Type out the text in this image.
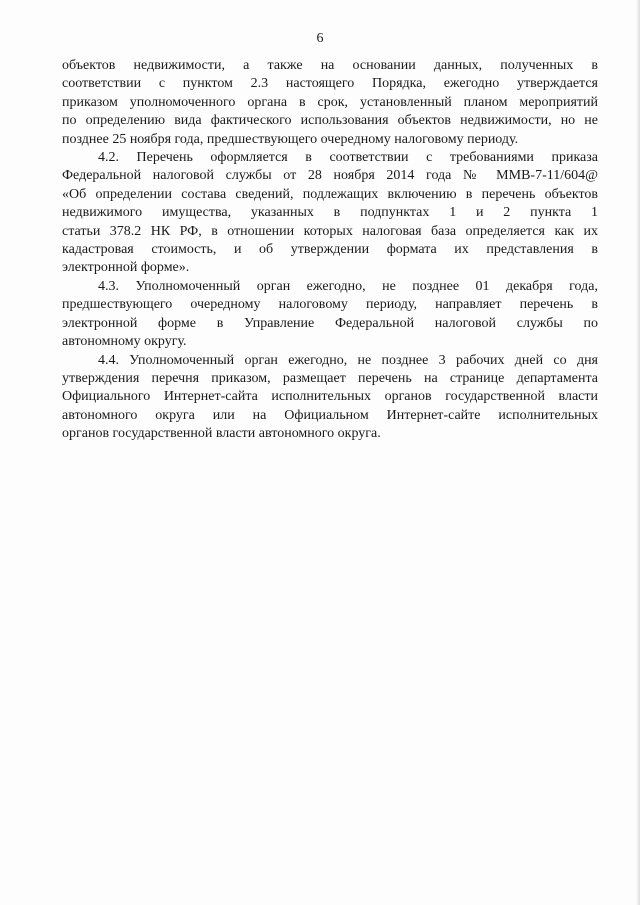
6

объектов недвижимости, а также на основании данных, полученных в
соответствии с пунктом 2.3 настоящего Порядка, ежегодно утверждается
приказом уполномоченного органа в срок, установленный планом мероприятий
по определению вида фактического использования объектов недвижимости, но не
позднее 25 ноября года, предшествующего очередному налоговому периоду.

4.2. Перечень оформляется в соответствии с требованиями приказа
Федеральной налоговой службы от 28 ноября 2014 года № ММВ-7-11/604@
«Об определении состава сведений, подлежащих включению в перечень объектов
недвижимого имущества, указанных в подпунктах 1 и 2 пункта 1
статьи 378.2 НК РФ, в отношении которых налоговая база определяется как их
кадастровая стоимость, и об утверждении формата их представления в
электронной форме».

4.3. Уполномоченный орган ежегодно, не позднее 01 декабря года,
предшествующего очередному налоговому периоду, направляет перечень в
электронной форме в Управление Федеральной налоговой службы по
автономному округу.

4.4. Уполномоченный орган ежегодно, не позднее 3 рабочих дней со дня
утверждения перечня приказом, размещает перечень на странице департамента
Официального Интернет-сайта исполнительных органов государственной власти
автономного округа или на Официальном Интернет-сайте исполнительных
органов государственной власти автономного округа.
